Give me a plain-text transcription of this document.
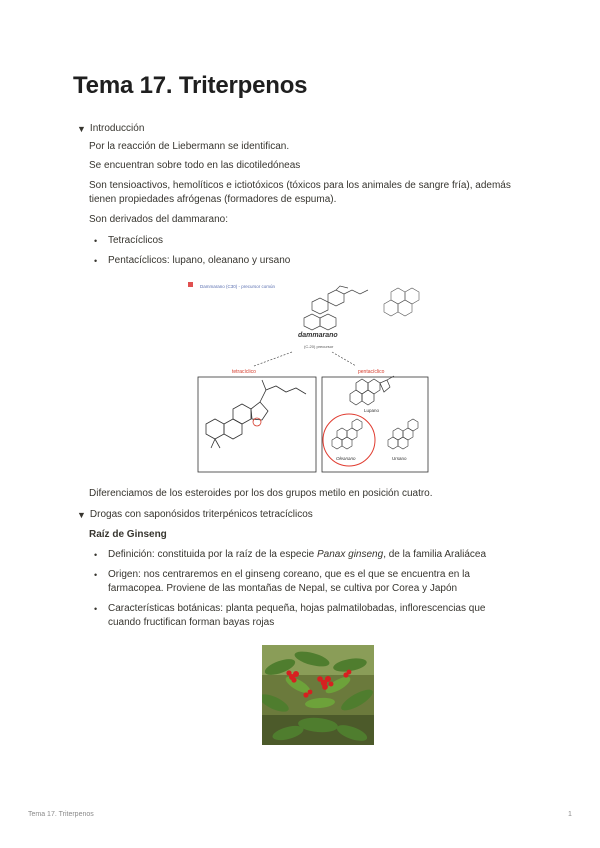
Tema 17. Triterpenos
▼ Introducción
Por la reacción de Liebermann se identifican.
Se encuentran sobre todo en las dicotiledóneas
Son tensioactivos, hemolíticos e ictiotóxicos (tóxicos para los animales de sangre fría), además
tienen propiedades afrógenas (formadores de espuma).
Son derivados del dammarano:
•	Tetracíclicos
•	Pentacíclicos: lupano, oleanano y ursano
Dammarano (C30) - precursor común
dammarano
(C-20) precursor
tetracíclico	pentacíclico
Lupano
Oleanano	Ursano
Diferenciamos de los esteroides por los dos grupos metilo en posición cuatro.
▼ Drogas con saponósidos triterpénicos tetracíclicos
Raíz de Ginseng
•	Definición: constituida por la raíz de la especie Panax ginseng, de la familia Araliácea
•	Origen: nos centraremos en el ginseng coreano, que es el que se encuentra en la
farmacopea. Proviene de las montañas de Nepal, se cultiva por Corea y Japón
•	Características botánicas: planta pequeña, hojas palmatilobadas, inflorescencias que
cuando fructifican forman bayas rojas
Tema 17. Triterpenos	1
